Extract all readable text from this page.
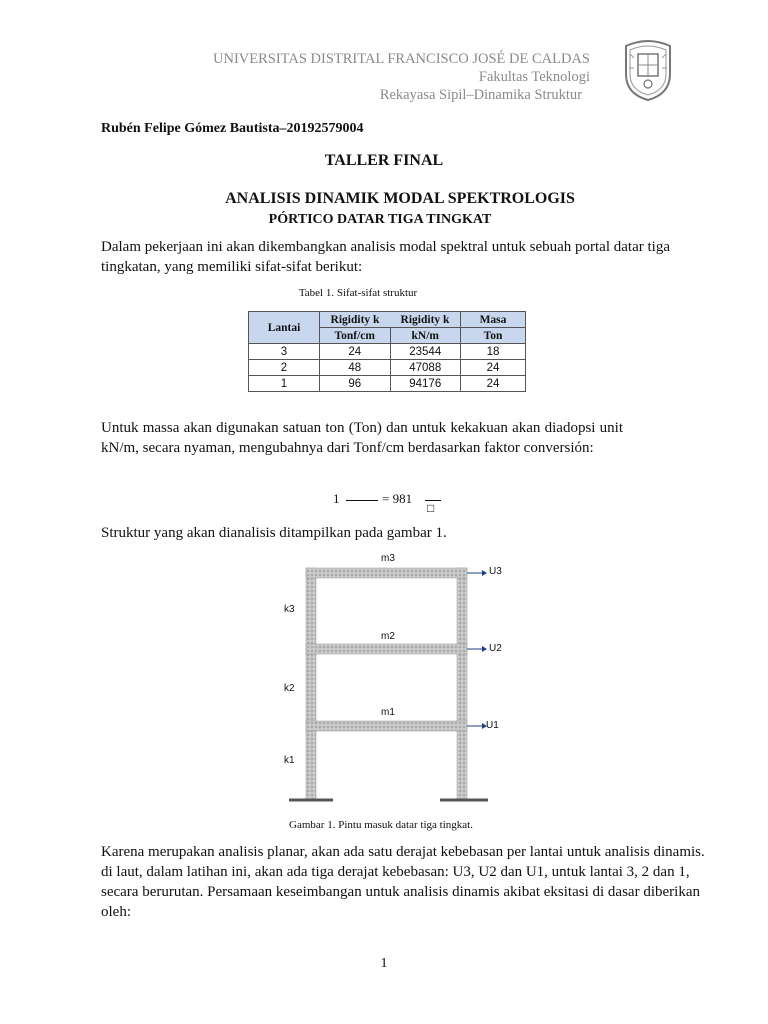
UNIVERSITAS DISTRITAL FRANCISCO JOSÉ DE CALDAS
Fakultas Teknologi
Rekayasa Sipil–Dinamika Struktur
Rubén Felipe Gómez Bautista–20192579004
TALLER FINAL
ANALISIS DINAMIK MODAL SPEKTROLOGIS
PÓRTICO DATAR TIGA TINGKAT
Dalam pekerjaan ini akan dikembangkan analisis modal spektral untuk sebuah portal datar tiga tingkatan, yang memiliki sifat-sifat berikut:
Tabel 1. Sifat-sifat struktur
Lantai	Rigidity k	Rigidity k	Masa
	Tonf/cm	kN/m	Ton
3	24	23544	18
2	48	47088	24
1	96	94176	24
Untuk massa akan digunakan satuan ton (Ton) dan untuk kekakuan akan diadopsi unit kN/m, secara nyaman, mengubahnya dari Tonf/cm berdasarkan faktor conversión:
1	= 981
□
Struktur yang akan dianalisis ditampilkan pada gambar 1.
m3
m2
m1
k3
k2
k1
U3
U2
U1
Gambar 1. Pintu masuk datar tiga tingkat.
Karena merupakan analisis planar, akan ada satu derajat kebebasan per lantai untuk analisis dinamis. di laut, dalam latihan ini, akan ada tiga derajat kebebasan: U3, U2 dan U1, untuk lantai 3, 2 dan 1, secara berurutan. Persamaan keseimbangan untuk analisis dinamis akibat eksitasi di dasar diberikan oleh:
1
